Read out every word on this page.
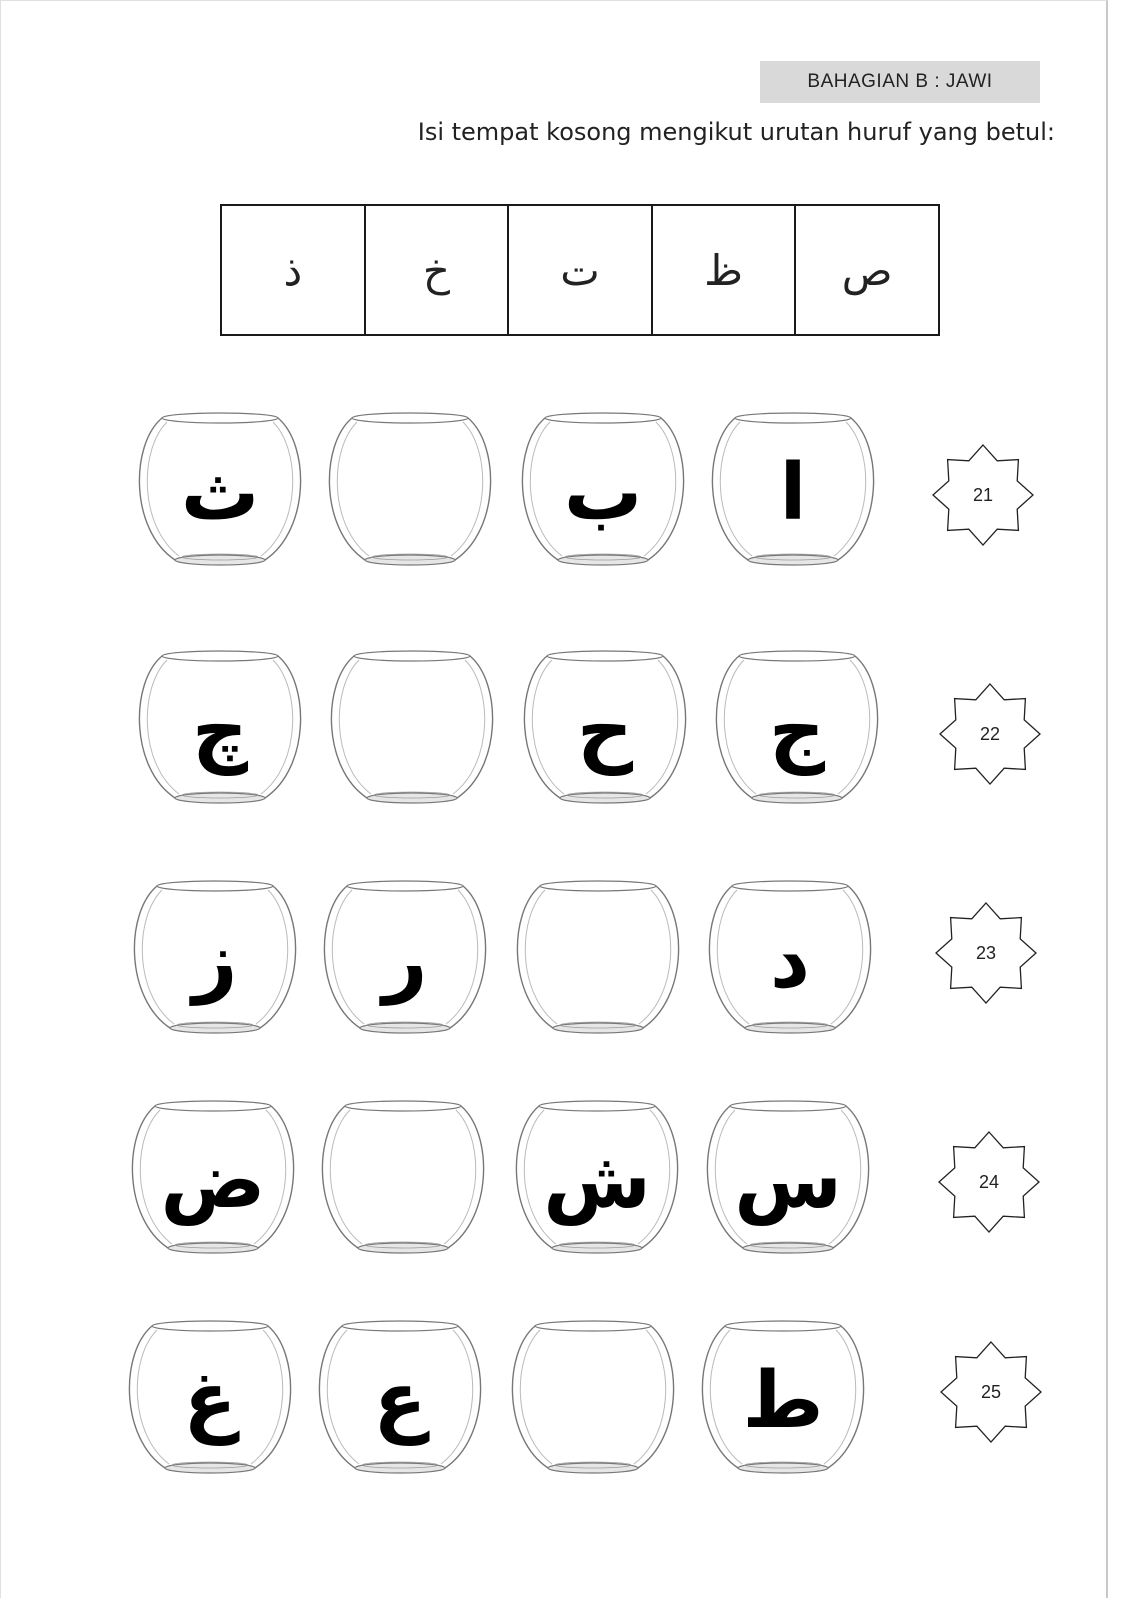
BAHAGIAN B : JAWI
Isi tempat kosong mengikut urutan huruf yang betul:
ذ	خ	ت	ظ	ص
ث	ب	ا	21
چ	ح	ج	22
ز	ر	د	23
ض	ش	س	24
غ	ع	ط	25
